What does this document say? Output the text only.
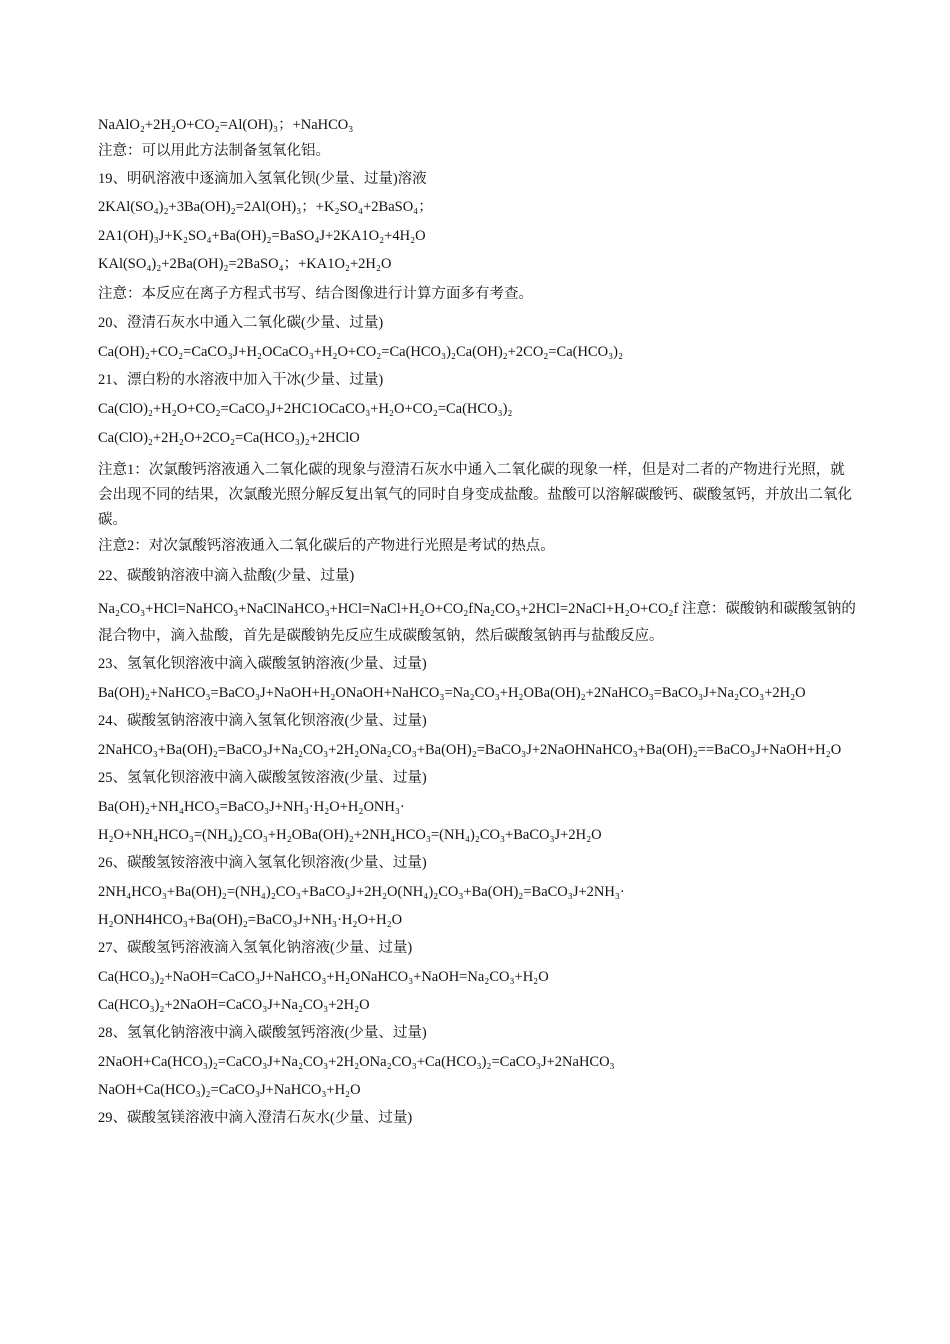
NaAlO₂+2H₂O+CO₂=Al(OH)₃；+NaHCO₃
注意：可以用此方法制备氢氧化铝。
19、明矾溶液中逐滴加入氢氧化钡(少量、过量)溶液
2KAl(SO₄)₂+3Ba(OH)₂=2Al(OH)₃；+K₂SO₄+2BaSO₄；
2A1(OH)₃J+K₂SO₄+Ba(OH)₂=BaSO₄J+2KA1O₂+4H₂O
KAl(SO₄)₂+2Ba(OH)₂=2BaSO₄；+KA1O₂+2H₂O
注意：本反应在离子方程式书写、结合图像进行计算方面多有考查。
20、澄清石灰水中通入二氧化碳(少量、过量)
Ca(OH)₂+CO₂=CaCO₃J+H₂OCaCO₃+H₂O+CO₂=Ca(HCO₃)₂Ca(OH)₂+2CO₂=Ca(HCO₃)₂
21、漂白粉的水溶液中加入干冰(少量、过量)
Ca(ClO)₂+H₂O+CO₂=CaCO₃J+2HC1OCaCO₃+H₂O+CO₂=Ca(HCO₃)₂
Ca(ClO)₂+2H₂O+2CO₂=Ca(HCO₃)₂+2HClO
注意1：次氯酸钙溶液通入二氧化碳的现象与澄清石灰水中通入二氧化碳的现象一样，但是对二者的产物进行光照，就会出现不同的结果，次氯酸光照分解反复出氧气的同时自身变成盐酸。盐酸可以溶解碳酸钙、碳酸氢钙，并放出二氧化碳。
注意2：对次氯酸钙溶液通入二氧化碳后的产物进行光照是考试的热点。
22、碳酸钠溶液中滴入盐酸(少量、过量)
Na₂CO₃+HCl=NaHCO₃+NaClNaHCO₃+HCl=NaCl+H₂O+CO₂fNa₂CO₃+2HCl=2NaCl+H₂O+CO₂f 注意：碳酸钠和碳酸氢钠的混合物中，滴入盐酸，首先是碳酸钠先反应生成碳酸氢钠，然后碳酸氢钠再与盐酸反应。
23、氢氧化钡溶液中滴入碳酸氢钠溶液(少量、过量)
Ba(OH)₂+NaHCO₃=BaCO₃J+NaOH+H₂ONaOH+NaHCO₃=Na₂CO₃+H₂OBa(OH)₂+2NaHCO₃=BaCO₃J+Na₂CO₃+2H₂O
24、碳酸氢钠溶液中滴入氢氧化钡溶液(少量、过量)
2NaHCO₃+Ba(OH)₂=BaCO₃J+Na₂CO₃+2H₂ONa₂CO₃+Ba(OH)₂=BaCO₃J+2NaOHNaHCO₃+Ba(OH)₂==BaCO₃J+NaOH+H₂O
25、氢氧化钡溶液中滴入碳酸氢铵溶液(少量、过量)
Ba(OH)₂+NH₄HCO₃=BaCO₃J+NH₃·H₂O+H₂ONH₃·
H₂O+NH₄HCO₃=(NH₄)₂CO₃+H₂OBa(OH)₂+2NH₄HCO₃=(NH₄)₂CO₃+BaCO₃J+2H₂O
26、碳酸氢铵溶液中滴入氢氧化钡溶液(少量、过量)
2NH₄HCO₃+Ba(OH)₂=(NH₄)₂CO₃+BaCO₃J+2H₂O(NH₄)₂CO₃+Ba(OH)₂=BaCO₃J+2NH₃·
H₂ONH4HCO₃+Ba(OH)₂=BaCO₃J+NH₃·H₂O+H₂O
27、碳酸氢钙溶液滴入氢氧化钠溶液(少量、过量)
Ca(HCO₃)₂+NaOH=CaCO₃J+NaHCO₃+H₂ONaHCO₃+NaOH=Na₂CO₃+H₂O
Ca(HCO₃)₂+2NaOH=CaCO₃J+Na₂CO₃+2H₂O
28、氢氧化钠溶液中滴入碳酸氢钙溶液(少量、过量)
2NaOH+Ca(HCO₃)₂=CaCO₃J+Na₂CO₃+2H₂ONa₂CO₃+Ca(HCO₃)₂=CaCO₃J+2NaHCO₃
NaOH+Ca(HCO₃)₂=CaCO₃J+NaHCO₃+H₂O
29、碳酸氢镁溶液中滴入澄清石灰水(少量、过量)
